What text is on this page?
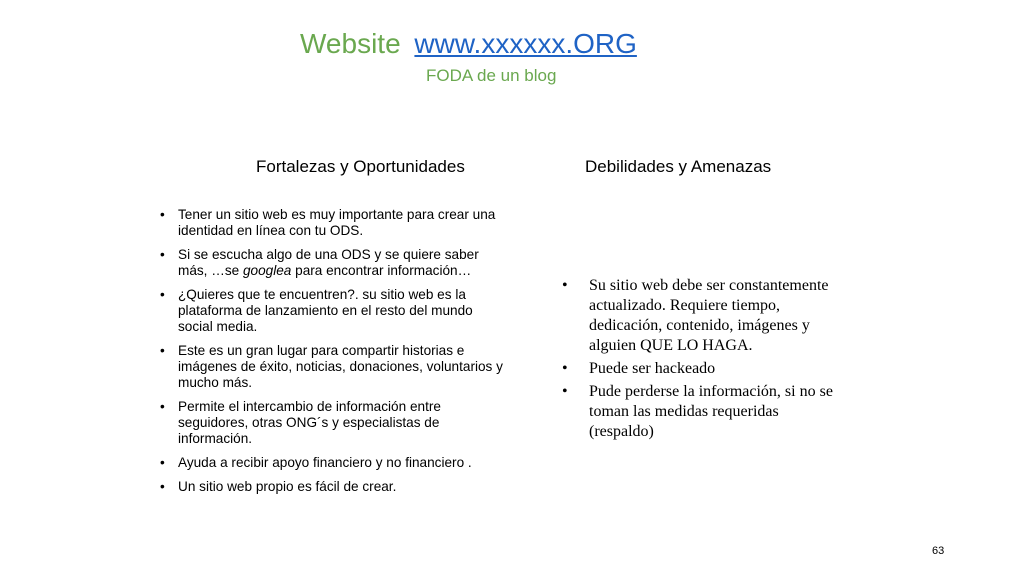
Website www.xxxxxx.ORG
FODA de un blog
Fortalezas y Oportunidades	Debilidades y Amenazas
• Tener un sitio web es muy importante para crear una identidad en línea con tu ODS.
• Si se escucha algo de una ODS y se quiere saber más, …se googlea para encontrar información…
• ¿Quieres que te encuentren?. su sitio web es la plataforma de lanzamiento en el resto del mundo social media.
• Este es un gran lugar para compartir historias e imágenes de éxito, noticias, donaciones, voluntarios y mucho más.
• Permite el intercambio de información entre seguidores, otras ONG´s y especialistas de información.
• Ayuda a recibir apoyo financiero y no financiero .
• Un sitio web propio es fácil de crear.
• Su sitio web debe ser constantemente actualizado. Requiere tiempo, dedicación, contenido, imágenes y alguien QUE LO HAGA.
• Puede ser hackeado
• Pude perderse la información, si no se toman las medidas requeridas (respaldo)
63
